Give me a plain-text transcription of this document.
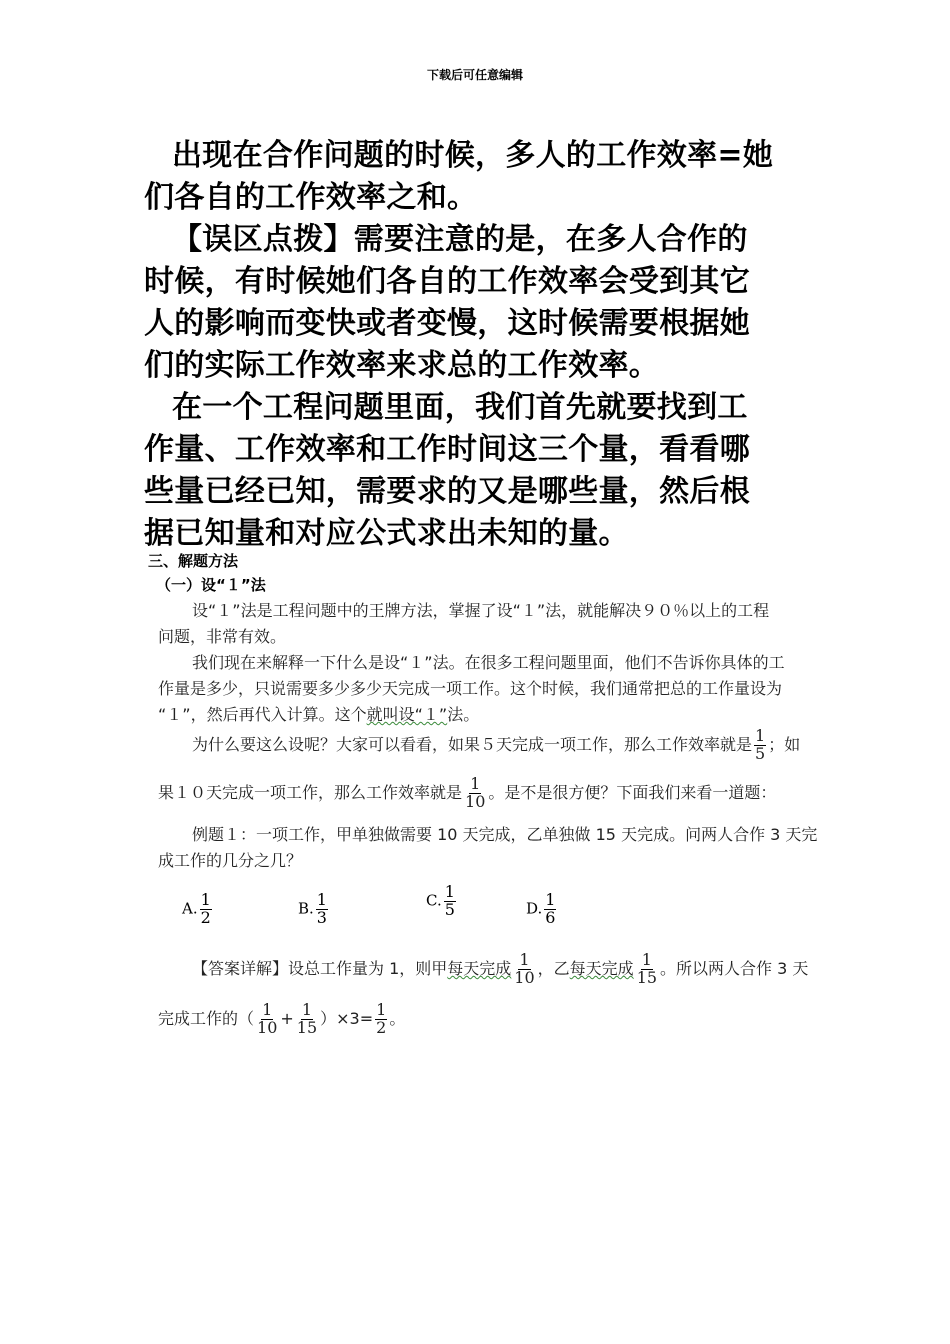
下载后可任意编辑
出现在合作问题的时候，多人的工作效率=她
们各自的工作效率之和。
【误区点拨】需要注意的是，在多人合作的
时候，有时候她们各自的工作效率会受到其它
人的影响而变快或者变慢，这时候需要根据她
们的实际工作效率来求总的工作效率。
在一个工程问题里面，我们首先就要找到工
作量、工作效率和工作时间这三个量，看看哪
些量已经已知，需要求的又是哪些量，然后根
据已知量和对应公式求出未知的量。
三、解题方法
（一）设“１”法
设“１”法是工程问题中的王牌方法，掌握了设“１”法，就能解决９０％以上的工程
问题，非常有效。
我们现在来解释一下什么是设“１”法。在很多工程问题里面，他们不告诉你具体的工
作量是多少，只说需要多少多少天完成一项工作。这个时候，我们通常把总的工作量设为
“１”，然后再代入计算。这个就叫设“１”法。
为什么要这么设呢？大家可以看看，如果５天完成一项工作，那么工作效率就是 $\frac{1}{5}$ ；如
果１０天完成一项工作，那么工作效率就是 $\frac{1}{10}$ 。是不是很方便？下面我们来看一道题：
例题１：一项工作，甲单独做需要 10 天完成，乙单独做 15 天完成。问两人合作 3 天完
成工作的几分之几？
A. $\frac{1}{2}$	B. $\frac{1}{3}$	C. $\frac{1}{5}$	D. $\frac{1}{6}$
【答案详解】设总工作量为 1，则甲每天完成 $\frac{1}{10}$ ，乙每天完成 $\frac{1}{15}$ 。所以两人合作 3 天
完成工作的（ $\frac{1}{10} + \frac{1}{15} )\times 3= \frac{1}{2}$ 。
